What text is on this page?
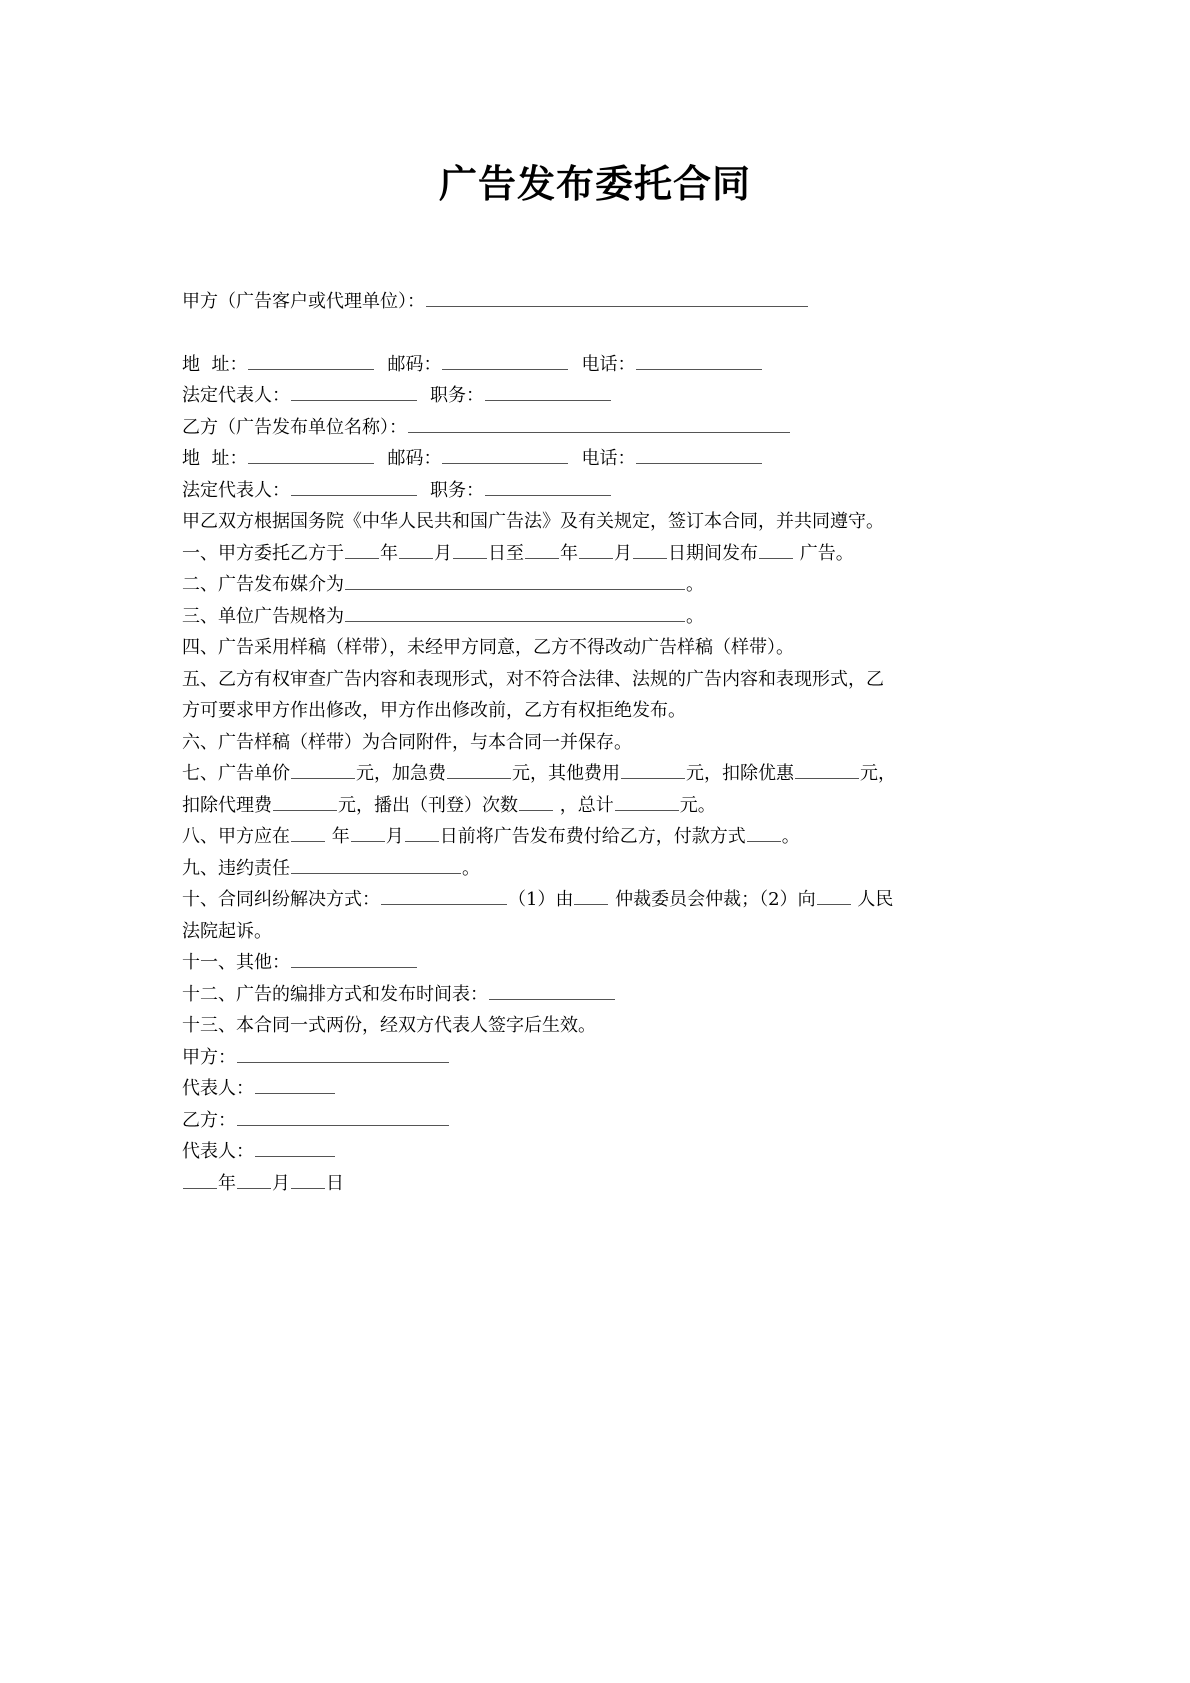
广告发布委托合同
甲方（广告客户或代理单位）：
地  址：	邮码：	电话：
法定代表人：	职务：
乙方（广告发布单位名称）：
地  址：	邮码：	电话：
法定代表人：	职务：
甲乙双方根据国务院《中华人民共和国广告法》及有关规定，签订本合同，并共同遵守。
一、甲方委托乙方于 年 月 日至 年 月 日期间发布 广告。
二、广告发布媒介为	。
三、单位广告规格为	。
四、广告采用样稿（样带），未经甲方同意，乙方不得改动广告样稿（样带）。
五、乙方有权审查广告内容和表现形式，对不符合法律、法规的广告内容和表现形式，乙
方可要求甲方作出修改，甲方作出修改前，乙方有权拒绝发布。
六、广告样稿（样带）为合同附件，与本合同一并保存。
七、广告单价	元，加急费	元，其他费用	元，扣除优惠	元，
扣除代理费	元，播出（刊登）次数 ，总计	元。
八、甲方应在 年 月 日前将广告发布费付给乙方，付款方式 。
九、违约责任	。
十、合同纠纷解决方式：	（1）由 仲裁委员会仲裁；（2）向 人民
法院起诉。
十一、其他：
十二、广告的编排方式和发布时间表：
十三、本合同一式两份，经双方代表人签字后生效。
甲方：
代表人：
乙方：
代表人：
年 月 日
